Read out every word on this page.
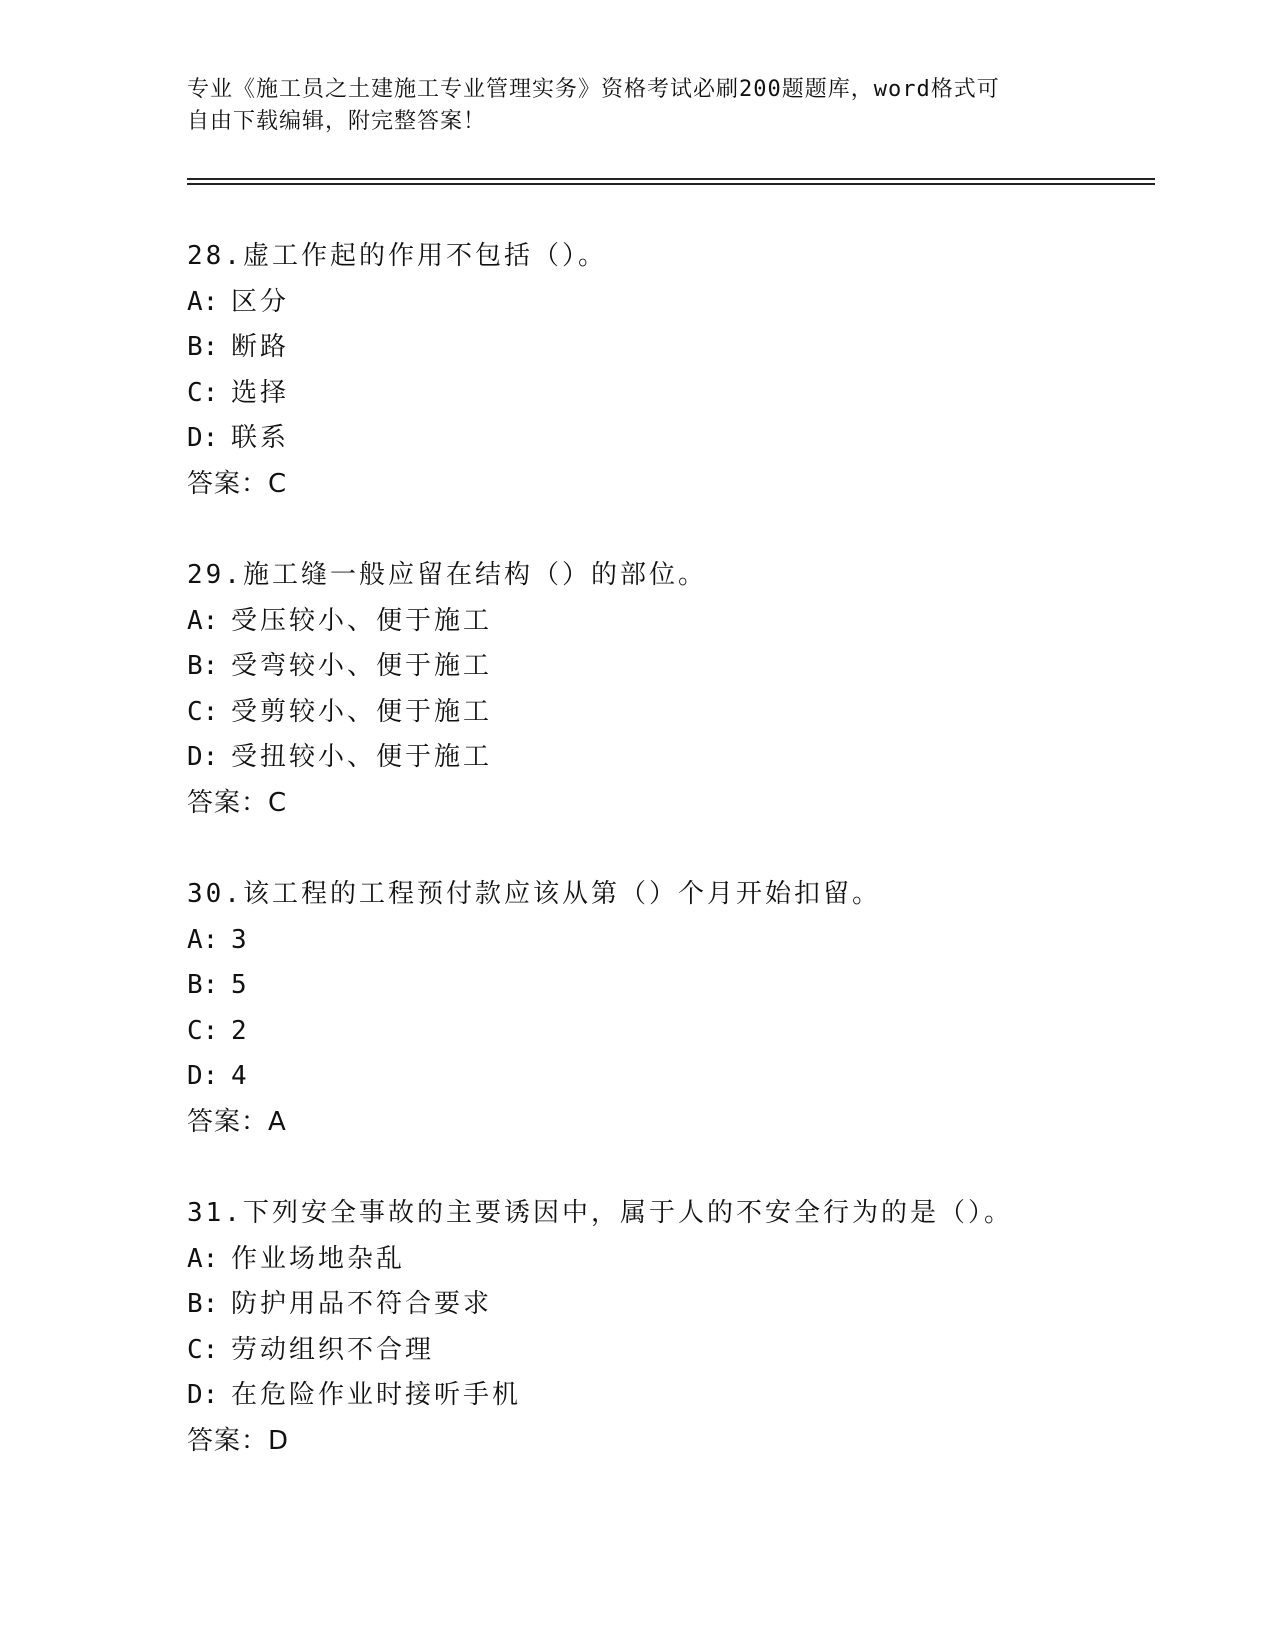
专业《施工员之土建施工专业管理实务》资格考试必刷200题题库，word格式可
自由下载编辑，附完整答案！
28.虚工作起的作用不包括（）。
A: 区分
B: 断路
C: 选择
D: 联系
答案：C
29.施工缝一般应留在结构（）的部位。
A: 受压较小、便于施工
B: 受弯较小、便于施工
C: 受剪较小、便于施工
D: 受扭较小、便于施工
答案：C
30.该工程的工程预付款应该从第（）个月开始扣留。
A: 3
B: 5
C: 2
D: 4
答案：A
31.下列安全事故的主要诱因中，属于人的不安全行为的是（）。
A: 作业场地杂乱
B: 防护用品不符合要求
C: 劳动组织不合理
D: 在危险作业时接听手机
答案：D
